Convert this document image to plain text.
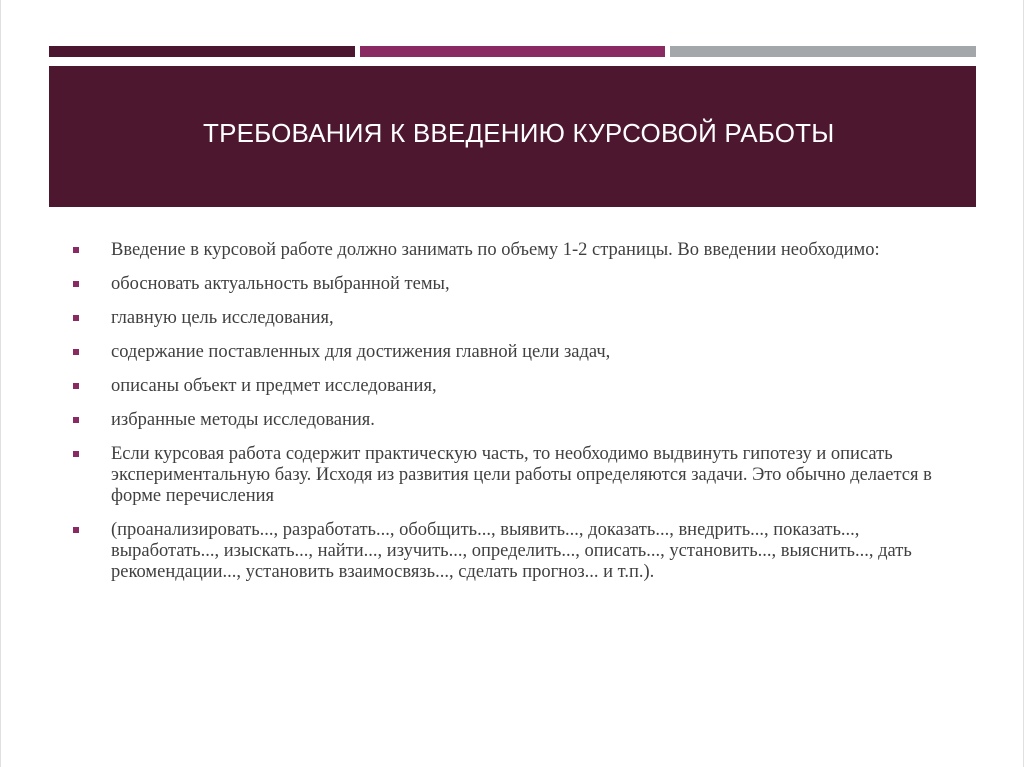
ТРЕБОВАНИЯ К ВВЕДЕНИЮ КУРСОВОЙ РАБОТЫ
Введение в курсовой работе должно занимать по объему 1-2 страницы. Во введении необходимо:
обосновать актуальность выбранной темы,
главную цель исследования,
содержание поставленных для достижения главной цели задач,
описаны объект и предмет исследования,
избранные методы исследования.
Если курсовая работа содержит практическую часть, то необходимо выдвинуть гипотезу и описать экспериментальную базу. Исходя из развития цели работы определяются задачи. Это обычно делается в форме перечисления
(проанализировать..., разработать..., обобщить..., выявить..., доказать..., внедрить..., показать..., выработать..., изыскать..., найти..., изучить..., определить..., описать..., установить..., выяснить..., дать рекомендации..., установить взаимосвязь..., сделать прогноз... и т.п.).
